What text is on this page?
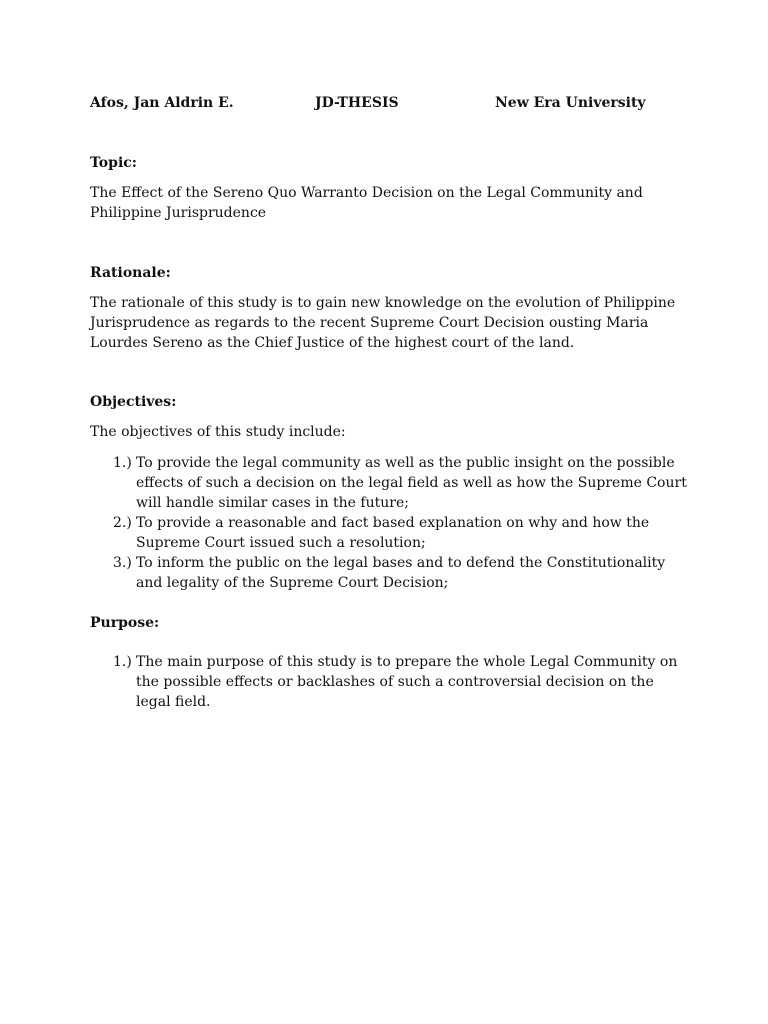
Afos, Jan Aldrin E.	JD-THESIS	New Era University

Topic:

The Effect of the Sereno Quo Warranto Decision on the Legal Community and Philippine Jurisprudence

Rationale:

The rationale of this study is to gain new knowledge on the evolution of Philippine Jurisprudence as regards to the recent Supreme Court Decision ousting Maria Lourdes Sereno as the Chief Justice of the highest court of the land.

Objectives:

The objectives of this study include:

1.) To provide the legal community as well as the public insight on the possible effects of such a decision on the legal field as well as how the Supreme Court will handle similar cases in the future;
2.) To provide a reasonable and fact based explanation on why and how the Supreme Court issued such a resolution;
3.) To inform the public on the legal bases and to defend the Constitutionality and legality of the Supreme Court Decision;

Purpose:

1.) The main purpose of this study is to prepare the whole Legal Community on the possible effects or backlashes of such a controversial decision on the legal field.
